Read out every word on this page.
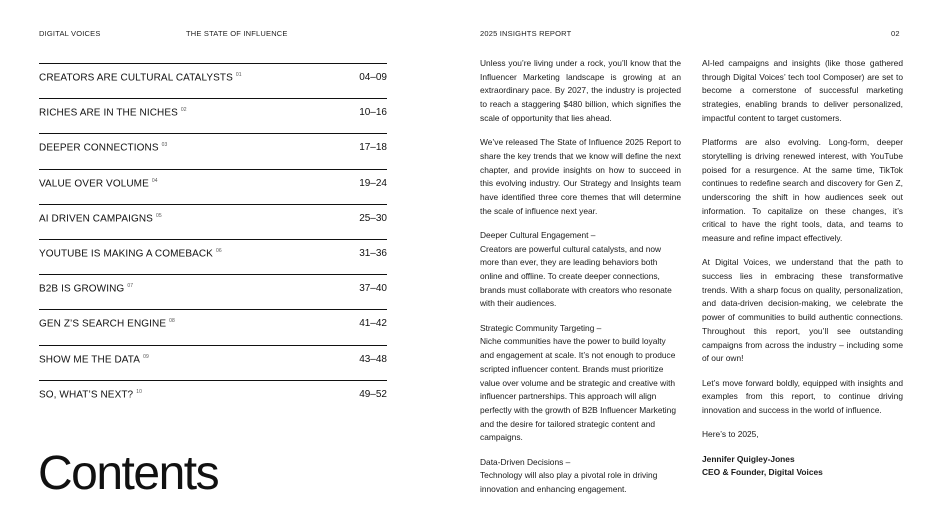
DIGITAL VOICES	THE STATE OF INFLUENCE	2025 INSIGHTS REPORT	02
CREATORS ARE CULTURAL CATALYSTS $^{01}$	04–09
RICHES ARE IN THE NICHES $^{02}$	10–16
DEEPER CONNECTIONS $^{03}$	17–18
VALUE OVER VOLUME $^{04}$	19–24
AI DRIVEN CAMPAIGNS $^{05}$	25–30
YOUTUBE IS MAKING A COMEBACK $^{06}$	31–36
B2B IS GROWING $^{07}$	37–40
GEN Z’S SEARCH ENGINE $^{08}$	41–42
SHOW ME THE DATA $^{09}$	43–48
SO, WHAT’S NEXT? $^{10}$	49–52
Contents

Unless you’re living under a rock, you’ll know that the Influencer Marketing landscape is growing at an extraordinary pace. By 2027, the industry is projected to reach a staggering $480 billion, which signifies the scale of opportunity that lies ahead.

We’ve released The State of Influence 2025 Report to share the key trends that we know will define the next chapter, and provide insights on how to succeed in this evolving industry. Our Strategy and Insights team have identified three core themes that will determine the scale of influence next year.

Deeper Cultural Engagement –
Creators are powerful cultural catalysts, and now more than ever, they are leading behaviors both online and offline. To create deeper connections, brands must collaborate with creators who resonate with their audiences.

Strategic Community Targeting –
Niche communities have the power to build loyalty and engagement at scale. It’s not enough to produce scripted influencer content. Brands must prioritize value over volume and be strategic and creative with influencer partnerships. This approach will align perfectly with the growth of B2B Influencer Marketing and the desire for tailored strategic content and campaigns.

Data-Driven Decisions –
Technology will also play a pivotal role in driving innovation and enhancing engagement.

AI-led campaigns and insights (like those gathered through Digital Voices’ tech tool Composer) are set to become a cornerstone of successful marketing strategies, enabling brands to deliver personalized, impactful content to target customers.

Platforms are also evolving. Long-form, deeper storytelling is driving renewed interest, with YouTube poised for a resurgence. At the same time, TikTok continues to redefine search and discovery for Gen Z, underscoring the shift in how audiences seek out information. To capitalize on these changes, it’s critical to have the right tools, data, and teams to measure and refine impact effectively.

At Digital Voices, we understand that the path to success lies in embracing these transformative trends. With a sharp focus on quality, personalization, and data-driven decision-making, we celebrate the power of communities to build authentic connections. Throughout this report, you’ll see outstanding campaigns from across the industry – including some of our own!

Let’s move forward boldly, equipped with insights and examples from this report, to continue driving innovation and success in the world of influence.

Here’s to 2025,

Jennifer Quigley-Jones
CEO & Founder, Digital Voices
